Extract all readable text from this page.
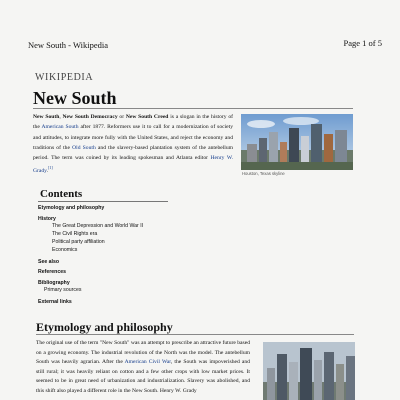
New South - Wikipedia	Page 1 of 5
WIKIPEDIA
New South
New South, New South Democracy or New South Creed is a slogan in the history of the American South after 1877. Reformers use it to call for a modernization of society and attitudes, to integrate more fully with the United States, and reject the economy and traditions of the Old South and the slavery-based plantation system of the antebellum period. The term was coined by its leading spokesman and Atlanta editor Henry W. Grady.[1]
Houston, Texas skyline
Contents
Etymology and philosophy
History
The Great Depression and World War II
The Civil Rights era
Political party affiliation
Economics
See also
References
Bibliography
Primary sources
External links
Etymology and philosophy
The original use of the term "New South" was an attempt to prescribe an attractive future based on a growing economy. The industrial revolution of the North was the model. The antebellum South was heavily agrarian. After the American Civil War, the South was impoverished and still rural; it was heavily reliant on cotton and a few other crops with low market prices. It seemed to be in great need of urbanization and industrialization. Slavery was abolished, and this shift also played a different role in the New South. Henry W. Grady
